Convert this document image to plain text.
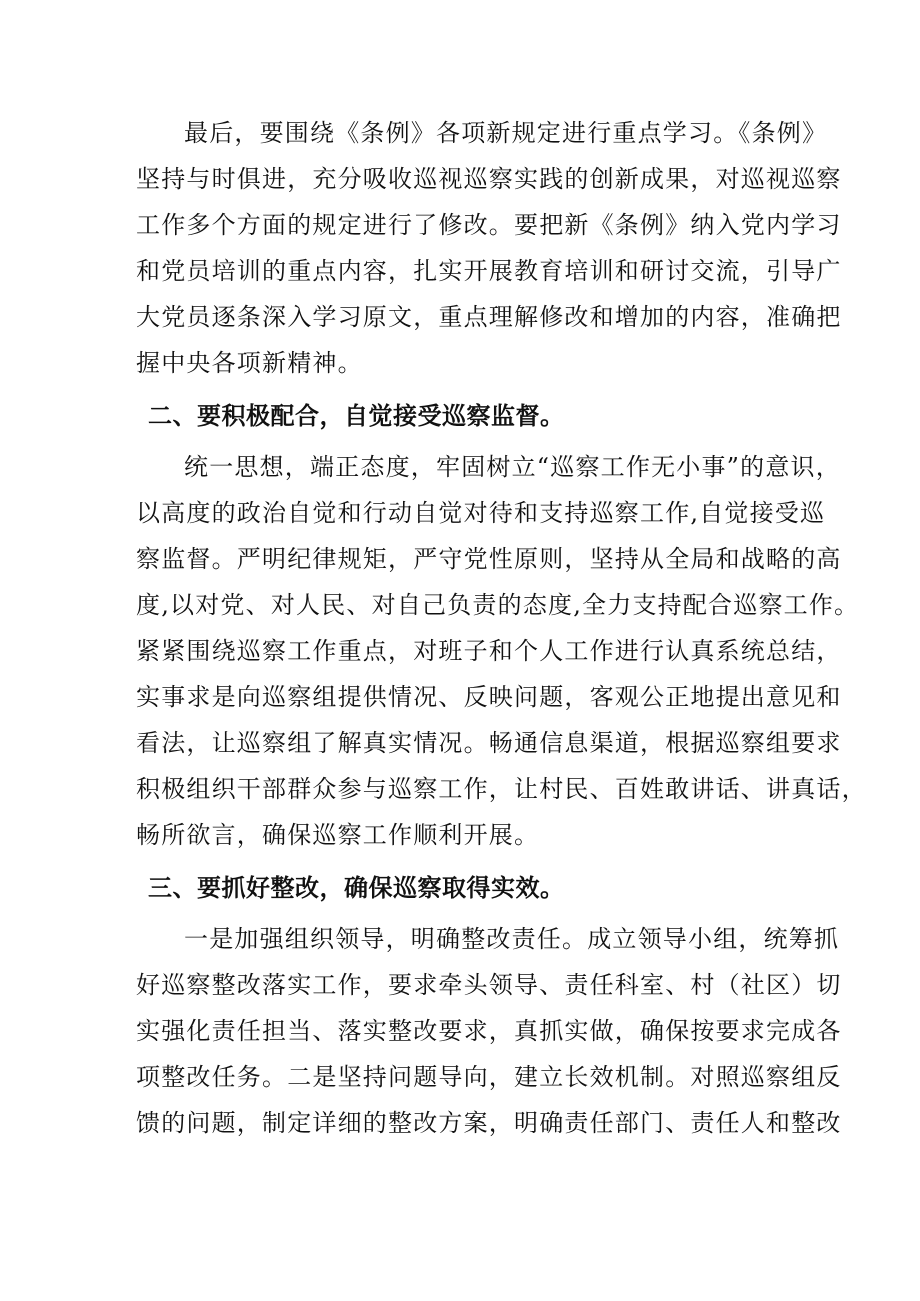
最后，要围绕《条例》各项新规定进行重点学习。《条例》
坚持与时俱进，充分吸收巡视巡察实践的创新成果，对巡视巡察
工作多个方面的规定进行了修改。要把新《条例》纳入党内学习
和党员培训的重点内容，扎实开展教育培训和研讨交流，引导广
大党员逐条深入学习原文，重点理解修改和增加的内容，准确把
握中央各项新精神。
二、要积极配合，自觉接受巡察监督。
统一思想，端正态度，牢固树立“巡察工作无小事”的意识，
以高度的政治自觉和行动自觉对待和支持巡察工作,自觉接受巡
察监督。严明纪律规矩，严守党性原则，坚持从全局和战略的高
度,以对党、对人民、对自己负责的态度,全力支持配合巡察工作。
紧紧围绕巡察工作重点，对班子和个人工作进行认真系统总结，
实事求是向巡察组提供情况、反映问题，客观公正地提出意见和
看法，让巡察组了解真实情况。畅通信息渠道，根据巡察组要求
积极组织干部群众参与巡察工作，让村民、百姓敢讲话、讲真话，
畅所欲言，确保巡察工作顺利开展。
三、要抓好整改，确保巡察取得实效。
一是加强组织领导，明确整改责任。成立领导小组，统筹抓
好巡察整改落实工作，要求牵头领导、责任科室、村（社区）切
实强化责任担当、落实整改要求，真抓实做，确保按要求完成各
项整改任务。二是坚持问题导向，建立长效机制。对照巡察组反
馈的问题，制定详细的整改方案，明确责任部门、责任人和整改
